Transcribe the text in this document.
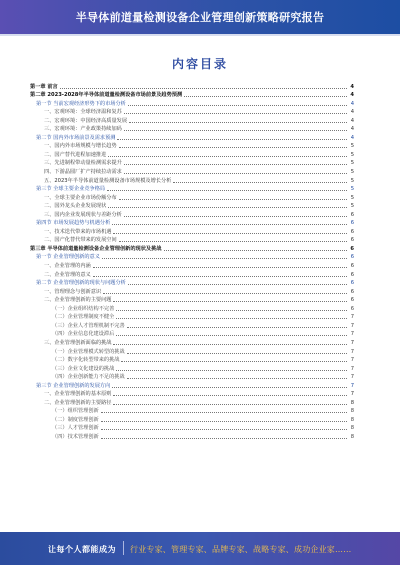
半导体前道量检测设备企业管理创新策略研究报告
内容目录
第一章 前言	4
第二章 2023-2028年半导体前道量检测设备市场前景及趋势预测	4
第一节 当前宏观经济形势下的市场分析	4
一、宏观环境：全球经济温和复苏	4
二、宏观环境：中国经济高质量发展	4
三、宏观环境：产业政策持续加码	4
第二节 国内外市场前景及需求预测	4
一、国内外市场规模与增长趋势	5
二、国产替代进程加速推进	5
三、先进制程带动量检测需求提升	5
四、下游晶圆厂扩产持续拉动需求	5
五、2023年半导体前道量检测设备市场规模及增长分析	5
第三节 全球主要企业竞争格局	5
一、全球主要企业市场份额分布	5
二、国外龙头企业发展现状	5
三、国内企业发展现状与差距分析	6
第四节 市场发展趋势与机遇分析	6
一、技术迭代带来的市场机遇	6
二、国产化替代带来的发展空间	6
第三章 半导体前道量检测设备企业管理创新的现状及挑战	6
第一节 企业管理创新的意义	6
一、企业管理的内涵	6
二、企业管理的意义	6
第二节 企业管理创新的现状与问题分析	6
一、管理理念与创新意识	6
二、企业管理创新的主要问题	6
（一）企业组织结构不完善	6
（二）企业管理制度不健全	7
（三）企业人才管理机制不完善	7
（四）企业信息化建设滞后	7
三、企业管理创新面临的挑战	7
（一）企业管理模式转型的挑战	7
（二）数字化转型带来的挑战	7
（三）企业文化建设的挑战	7
（四）企业创新能力不足的挑战	7
第三节 企业管理创新的发展方向	7
一、企业管理创新的基本原则	7
二、企业管理创新的主要路径	8
（一）组织管理创新	8
（二）制度管理创新	8
（三）人才管理创新	8
（四）技术管理创新	8
让每个人都能成为 行业专家、管理专家、品牌专家、战略专家、成功企业家……
